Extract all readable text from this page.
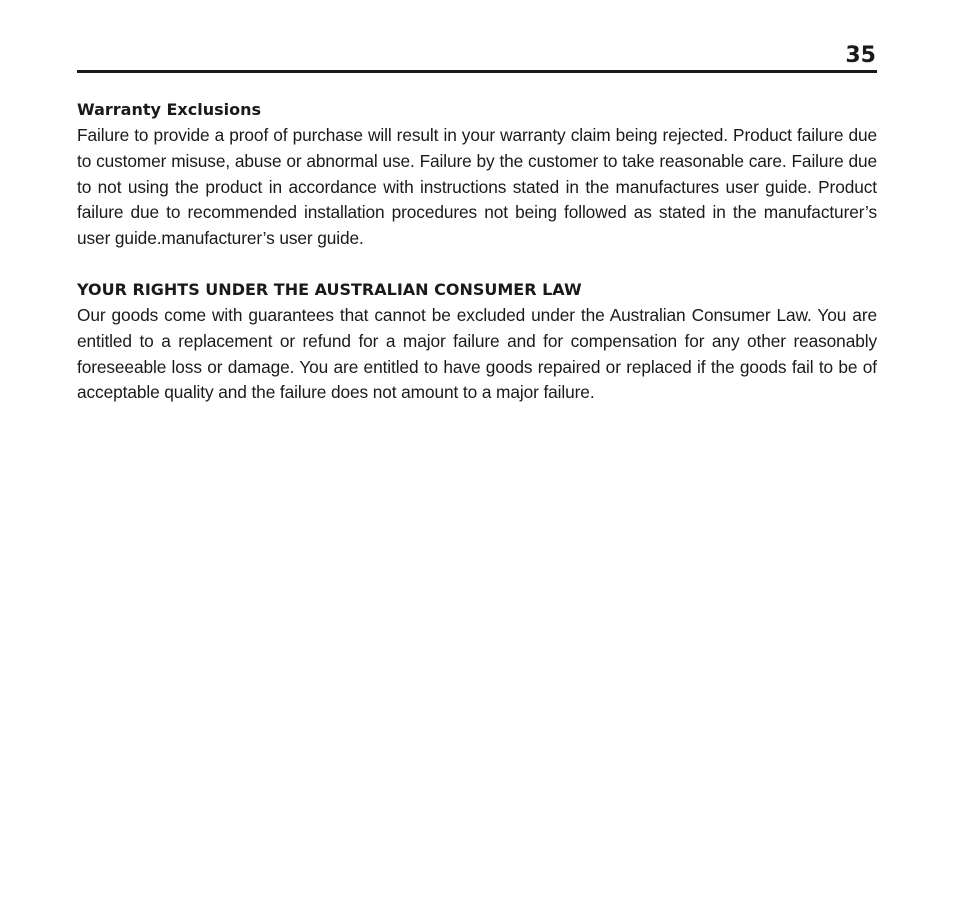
35
Warranty Exclusions

Failure to provide a proof of purchase will result in your warranty claim being rejected. Product failure due to customer misuse, abuse or abnormal use. Failure by the customer to take reasonable care. Failure due to not using the product in accordance with instructions stated in the manufactures user guide. Product failure due to recommended installation procedures not being followed as stated in the manufacturer’s user guide.manufacturer’s user guide.

YOUR RIGHTS UNDER THE AUSTRALIAN CONSUMER LAW

Our goods come with guarantees that cannot be excluded under the Australian Consumer Law. You are entitled to a replacement or refund for a major failure and for compensation for any other reasonably foreseeable loss or damage. You are entitled to have goods repaired or replaced if the goods fail to be of acceptable quality and the failure does not amount to a major failure.
